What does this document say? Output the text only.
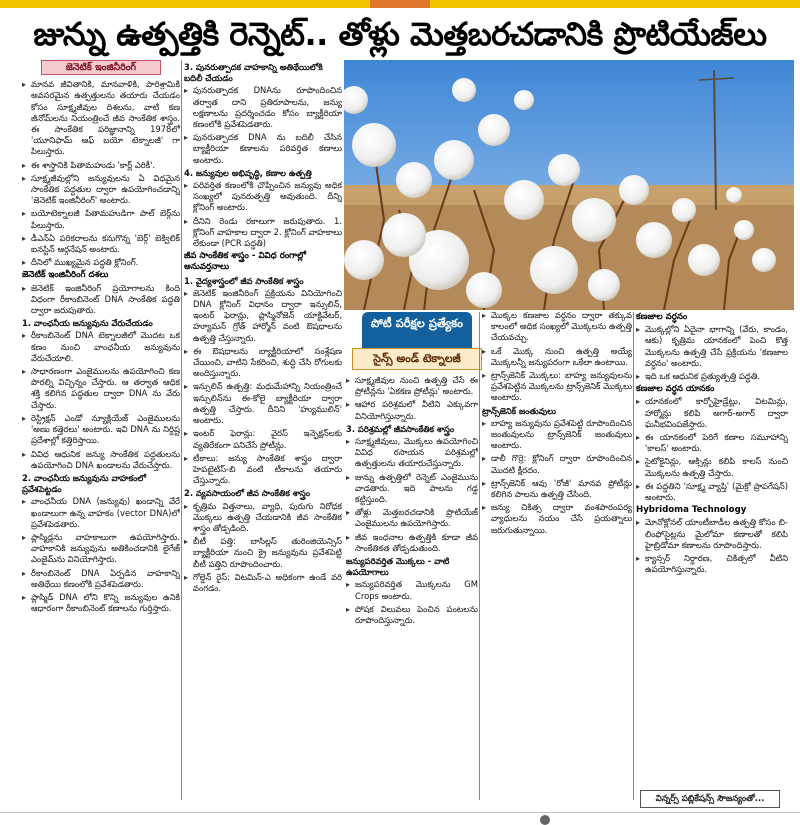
జున్ను ఉత్పత్తికి రెన్నెట్.. తోళ్లు మెత్తబరచడానికి ప్రొటియేజ్‌లు
జెనెటిక్ ఇంజినీరింగ్
▸ మానవ జీవితానికి, మానవాళికి, పారిశ్రామికి అవసరమైన ఉత్పత్తులను తయారు చేయడం కోసం సూక్ష్మజీవుల దిశలను, వాటి కణ జీనోమ్‌లను నియంత్రించే జీవ సాంకేతిక శాస్త్రం. ఈ సాంకేతిక పరిజ్ఞానాన్ని 1978లో 'యూనిఫామ్ ఆఫ్ బయో టెక్నాలజీ' గా పిలుస్తారు.
▸ ఈ శాస్త్రానికి పితామహుడు 'కార్ల్ ఎరికీ'.
▸ సూక్ష్మజీవుల్లోని జన్యువులను ఏ విధమైన సాంకేతిక పద్ధతుల ద్వారా ఉపయోగించడాన్ని 'జెనెటిక్ ఇంజినీరింగ్' అంటారు.
▸ బయోటెక్నాలజీ పితామహుడిగా పాల్ బెర్గ్‌ను పిలుస్తారు.
▸ డీఎన్‌ఏ పరికరాలను కనుగొన్న 'బెర్గ్' బెక్విలిక్ ఐనస్టిన్ ఆర్గనేషన్ అంటారు.
▸ దీనిలో ముఖ్యమైన పద్ధతి క్లోనింగ్.
జెనెటిక్ ఇంజినీరింగ్ దశలు
▸ జెనెటిక్ ఇంజినీరింగ్ ప్రయోగాలను కింది విధంగా రీకాంబినెంట్ DNA సాంకేతిక పద్ధతి ద్వారా జరుపుతారు.
1. వాంఛనీయ జన్యువును వేరుచేయడం
▸ రీకాంబినెంట్ DNA టెక్నాలజీలో మొదట ఒక కణం నుంచి వాంఛనీయ జన్యువును వేరుచేయాలి.
▸ సాధారణంగా ఎంజైములను ఉపయోగించి కణ పొరల్ని విచ్ఛిన్నం చేస్తారు. ఆ తర్వాత ఆధిక శక్తి కలిగిన పద్ధతుల ద్వారా DNA ను వేరు చేస్తారు.
▸ రెస్ట్రిక్షన్ ఎండో న్యూక్లియేజ్ ఎంజైములను 'అణు కత్తెరలు' అంటారు. ఇవి DNA ను నిర్దిష్ట ప్రదేశాల్లో కత్తిరిస్తాయి.
▸ వివిధ ఆధునిక జన్యు సాంకేతిక పద్ధతులను ఉపయోగించి DNA ఖండాలను వేరుచేస్తారు.
2. వాంఛనీయ జన్యువును వాహకంలో ప్రవేశపెట్టడం
▸ వాంఛనీయ DNA (జన్యువు) ఖండాన్ని వేరే ఖండాలుగా ఉన్న వాహకం (vector DNA)లో ప్రవేశపెడతారు.
▸ ప్లాస్మిడ్లను వాహకాలుగా ఉపయోగిస్తారు. వాహకానికి జన్యువును అతికించడానికి లైగేజ్ ఎంజైమ్‌ను వినియోగిస్తారు.
▸ రీకాంబినెంట్ DNA ఏర్పడిన వాహకాన్ని అతిథేయి కణంలోకి ప్రవేశపెడతారు.
▸ ప్లాస్మిడ్ DNA లోని కొన్ని జన్యువుల ఉనికి ఆధారంగా రీకాంబినెంట్ కణాలను గుర్తిస్తారు.
3. పునరుత్పాదక వాహకాన్ని అతిథేయిలోకి బదిలీ చేయడం
▸ పునరుత్పాదక DNAను రూపొందించిన తర్వాత దాని ప్రతిరూపాలను, జన్యు లక్షణాలను ప్రదర్శించడం కోసం బ్యాక్టీరియా కణంలోకి ప్రవేశపెడతారు.
▸ పునరుత్పాదక DNA ను బదిలీ చేసిన బ్యాక్టీరియా కణాలను పరివర్తిత కణాలు అంటారు.
4. జన్యువుల అభివృద్ధి, కణాల ఉత్పత్తి
▸ పరివర్తిత కణంలోకి చొప్పించిన జన్యువు అధిక సంఖ్యలో పునరుత్పత్తి అవుతుంది. దీన్ని క్లోనింగ్ అంటారు.
▸ దీనిని రెండు రకాలుగా జరుపుతారు. 1. క్లోనింగ్ వాహకాల ద్వారా 2. క్లోనింగ్ వాహకాలు లేకుండా (PCR పద్ధతి)
జీవ సాంకేతిక శాస్త్రం - వివిధ రంగాల్లో అనువర్తనాలు
1. వైద్యశాస్త్రంలో జీవ సాంకేతిక శాస్త్రం
▸ జెనెటిక్ ఇంజినీరింగ్ ప్రక్రియను వినియోగించి DNA క్లోనింగ్ విధానం ద్వారా ఇన్సులిన్, ఇంటర్ ఫెరాన్లు, ప్లాస్మినోజెన్ యాక్టివేటర్, హ్యూమన్ గ్రోత్ హార్మోన్ వంటి ఔషధాలను ఉత్పత్తి చేస్తున్నారు.
▸ ఈ ఔషధాలను బ్యాక్టీరియాలో సంశ్లేషణ చేయించి, వాటిని సేకరించి, శుద్ధి చేసి రోగులకు అందిస్తున్నారు.
▸ ఇన్సులిన్ ఉత్పత్తి: మధుమేహాన్ని నియంత్రించే ఇన్సులిన్‌ను ఈ-కోలై బ్యాక్టీరియా ద్వారా ఉత్పత్తి చేస్తారు. దీనిని 'హ్యుములిన్' అంటారు.
▸ ఇంటర్ ఫెరాన్లు: వైరస్ ఇన్ఫెక్షన్‌లకు వ్యతిరేకంగా పనిచేసే ప్రోటీన్లు.
▸ టీకాలు: జన్యు సాంకేతిక శాస్త్రం ద్వారా హెపటైటిస్-బి వంటి టీకాలను తయారు చేస్తున్నారు.
2. వ్యవసాయంలో జీవ సాంకేతిక శాస్త్రం
▸ కృత్రిమ విత్తనాలు, వ్యాధి, పురుగు నిరోధక మొక్కలు ఉత్పత్తి చేయడానికి జీవ సాంకేతిక శాస్త్రం తోడ్పడింది.
▸ బీటీ పత్తి: బాసిల్లస్ తురింజియెన్సిస్ బ్యాక్టీరియా నుంచి క్రై జన్యువును ప్రవేశపెట్టి బీటీ పత్తిని రూపొందించారు.
▸ గోల్డెన్ రైస్: విటమిన్-ఎ అధికంగా ఉండే వరి వంగడం.
పోటీ పరీక్షల ప్రత్యేకం
సైన్స్ అండ్ టెక్నాలజీ
▸ సూక్ష్మజీవుల నుంచి ఉత్పత్తి చేసే ఈ ప్రోటీన్లను 'ఏకకణ ప్రోటీన్లు' అంటారు.
▸ ఆహార పరిశ్రమలో వీటిని ఎక్కువగా వినియోగిస్తున్నారు.
3. పరిశ్రమల్లో జీవసాంకేతిక శాస్త్రం
▸ సూక్ష్మజీవులు, మొక్కలు ఉపయోగించి వివిధ రసాయన పరిశ్రమల్లో ఉత్పత్తులను తయారుచేస్తున్నారు.
▸ జున్ను ఉత్పత్తిలో రెన్నెట్ ఎంజైమును వాడతారు. ఇది పాలను గడ్డ కట్టిస్తుంది.
▸ తోళ్లు మెత్తబరచడానికి ప్రొటియేజ్ ఎంజైములను ఉపయోగిస్తారు.
▸ జీవ ఇంధనాల ఉత్పత్తికి కూడా జీవ సాంకేతికత తోడ్పడుతుంది.
జన్యుపరివర్తిత మొక్కలు - వాటి ఉపయోగాలు
▸ జన్యుపరివర్తిత మొక్కలను GM Crops అంటారు.
▸ పోషక విలువలు పెంచిన పంటలను రూపొందిస్తున్నారు.
▸ మొక్కల కణజాల వర్ధనం ద్వారా తక్కువ కాలంలో అధిక సంఖ్యలో మొక్కలను ఉత్పత్తి చేయవచ్చు.
▸ ఒకే మొక్క నుంచి ఉత్పత్తి అయ్యే మొక్కలన్నీ జన్యుపరంగా ఒకేలా ఉంటాయి.
▸ ట్రాన్స్‌జెనిక్ మొక్కలు: బాహ్య జన్యువులను ప్రవేశపెట్టిన మొక్కలను ట్రాన్స్‌జెనిక్ మొక్కలు అంటారు.
ట్రాన్స్‌జెనిక్ జంతువులు
▸ బాహ్య జన్యువును ప్రవేశపెట్టి రూపొందించిన జంతువులను ట్రాన్స్‌జెనిక్ జంతువులు అంటారు.
▸ డాలీ గొర్రె: క్లోనింగ్ ద్వారా రూపొందించిన మొదటి క్షీరదం.
▸ ట్రాన్స్‌జెనిక్ ఆవు 'రోజీ' మానవ ప్రోటీన్లు కలిగిన పాలను ఉత్పత్తి చేసింది.
▸ జన్యు చికిత్స ద్వారా వంశపారంపర్య వ్యాధులను నయం చేసే ప్రయత్నాలు జరుగుతున్నాయి.
కణజాల వర్ధనం
▸ మొక్కల్లోని ఏదైనా భాగాన్ని (వేరు, కాండం, ఆకు) కృత్రిమ యానకంలో పెంచి కొత్త మొక్కలను ఉత్పత్తి చేసే ప్రక్రియను 'కణజాల వర్ధనం' అంటారు.
▸ ఇది ఒక ఆధునిక ప్రత్యుత్పత్తి పద్ధతి.
కణజాల వర్ధన యానకం
▸ యానకంలో కార్బోహైడ్రేట్లు, విటమిన్లు, హార్మోన్లు కలిపి అగార్-అగార్ ద్వారా ఘనీభవింపజేస్తారు.
▸ ఈ యానకంలో పెరిగే కణాల సమూహాన్ని 'కాలస్' అంటారు.
▸ సైటోకైనిన్లు, ఆక్సిన్లు కలిపి కాలస్ నుంచి మొక్కలను ఉత్పత్తి చేస్తారు.
▸ ఈ పద్ధతిని 'సూక్ష్మ వ్యాప్తి' (మైక్రో ప్రాపగేషన్) అంటారు.
Hybridoma Technology
▸ మోనోక్లోనల్ యాంటీబాడీల ఉత్పత్తి కోసం బి-లింఫోసైట్లను మైలోమా కణాలతో కలిపి హైబ్రిడోమా కణాలను రూపొందిస్తారు.
▸ క్యాన్సర్ నిర్ధారణ, చికిత్సలో వీటిని ఉపయోగిస్తున్నారు.
విన్నర్స్ పబ్లికేషన్స్ సౌజన్యంతో...
